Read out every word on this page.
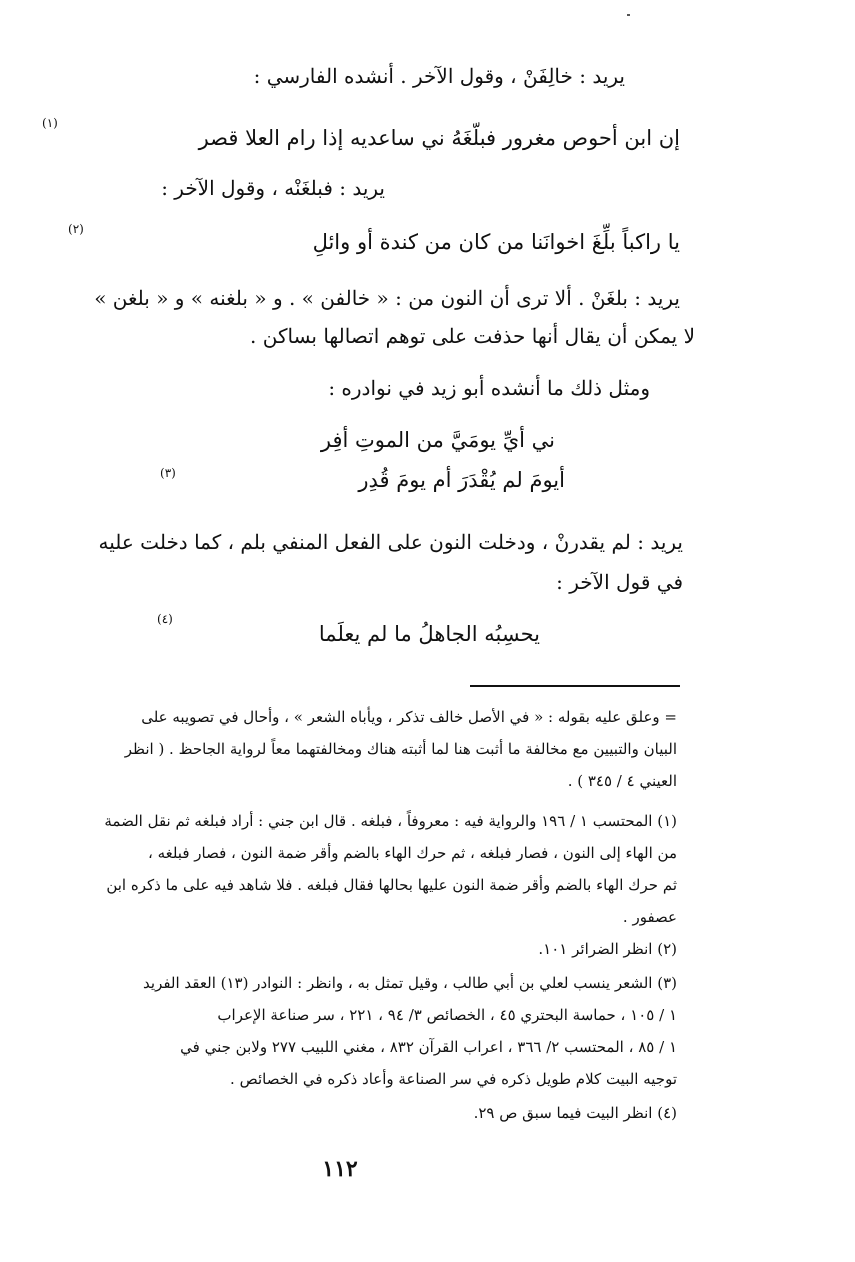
يريد : خالِفَنْ ، وقول الآخر . أنشده الفارسي :
إن ابن أحوص مغرور فبلّغَهُ ني ساعديه إذا رام العلا قصر
(١)
يريد : فبلغَنْه ، وقول الآخر :
يا راكباً بلِّغَ اخوانَنا من كان من كندة أو وائلِ
(٢)
يريد : بلغَنْ . ألا ترى أن النون من : « خالفن » . و « بلغنه » و « بلغن »
لا يمكن أن يقال أنها حذفت على توهم اتصالها بساكن .
ومثل ذلك ما أنشده أبو زيد في نوادره :
ني أيِّ يومَيَّ من الموتِ أفِر
أيومَ لم يُقْدَرَ أم يومَ قُدِر
(٣)
يريد : لم يقدرنْ ، ودخلت النون على الفعل المنفي بلم ، كما دخلت عليه
في قول الآخر :
يحسِبُه الجاهلُ ما لم يعلَما
(٤)
= وعلق عليه بقوله : « في الأصل خالف تذكر ، ويأباه الشعر » ، وأحال في تصويبه على
البيان والتبيين مع مخالفة ما أثبت هنا لما أثبته هناك ومخالفتهما معاً لرواية الجاحظ . ( انظر
العيني ٤ / ٣٤٥ ) .
(١) المحتسب ١ / ١٩٦ والرواية فيه : معروفاً ، فبلغه . قال ابن جني : أراد فبلغه ثم نقل الضمة
من الهاء إلى النون ، فصار فبلغه ، ثم حرك الهاء بالضم وأقر ضمة النون ، فصار فبلغه ،
ثم حرك الهاء بالضم وأقر ضمة النون عليها بحالها فقال فبلغه . فلا شاهد فيه على ما ذكره ابن
عصفور .
(٢) انظر الضرائر ١٠١.
(٣) الشعر ينسب لعلي بن أبي طالب ، وقيل تمثل به ، وانظر : النوادر (١٣) العقد الفريد
١ / ١٠٥ ، حماسة البحتري ٤٥ ، الخصائص ٣/ ٩٤ ، ٢٢١ ، سر صناعة الإعراب
١ / ٨٥ ، المحتسب ٢/ ٣٦٦ ، اعراب القرآن ٨٣٢ ، مغني اللبيب ٢٧٧ ولابن جني في
توجيه البيت كلام طويل ذكره في سر الصناعة وأعاد ذكره في الخصائص .
(٤) انظر البيت فيما سبق ص ٢٩.
١١٢
